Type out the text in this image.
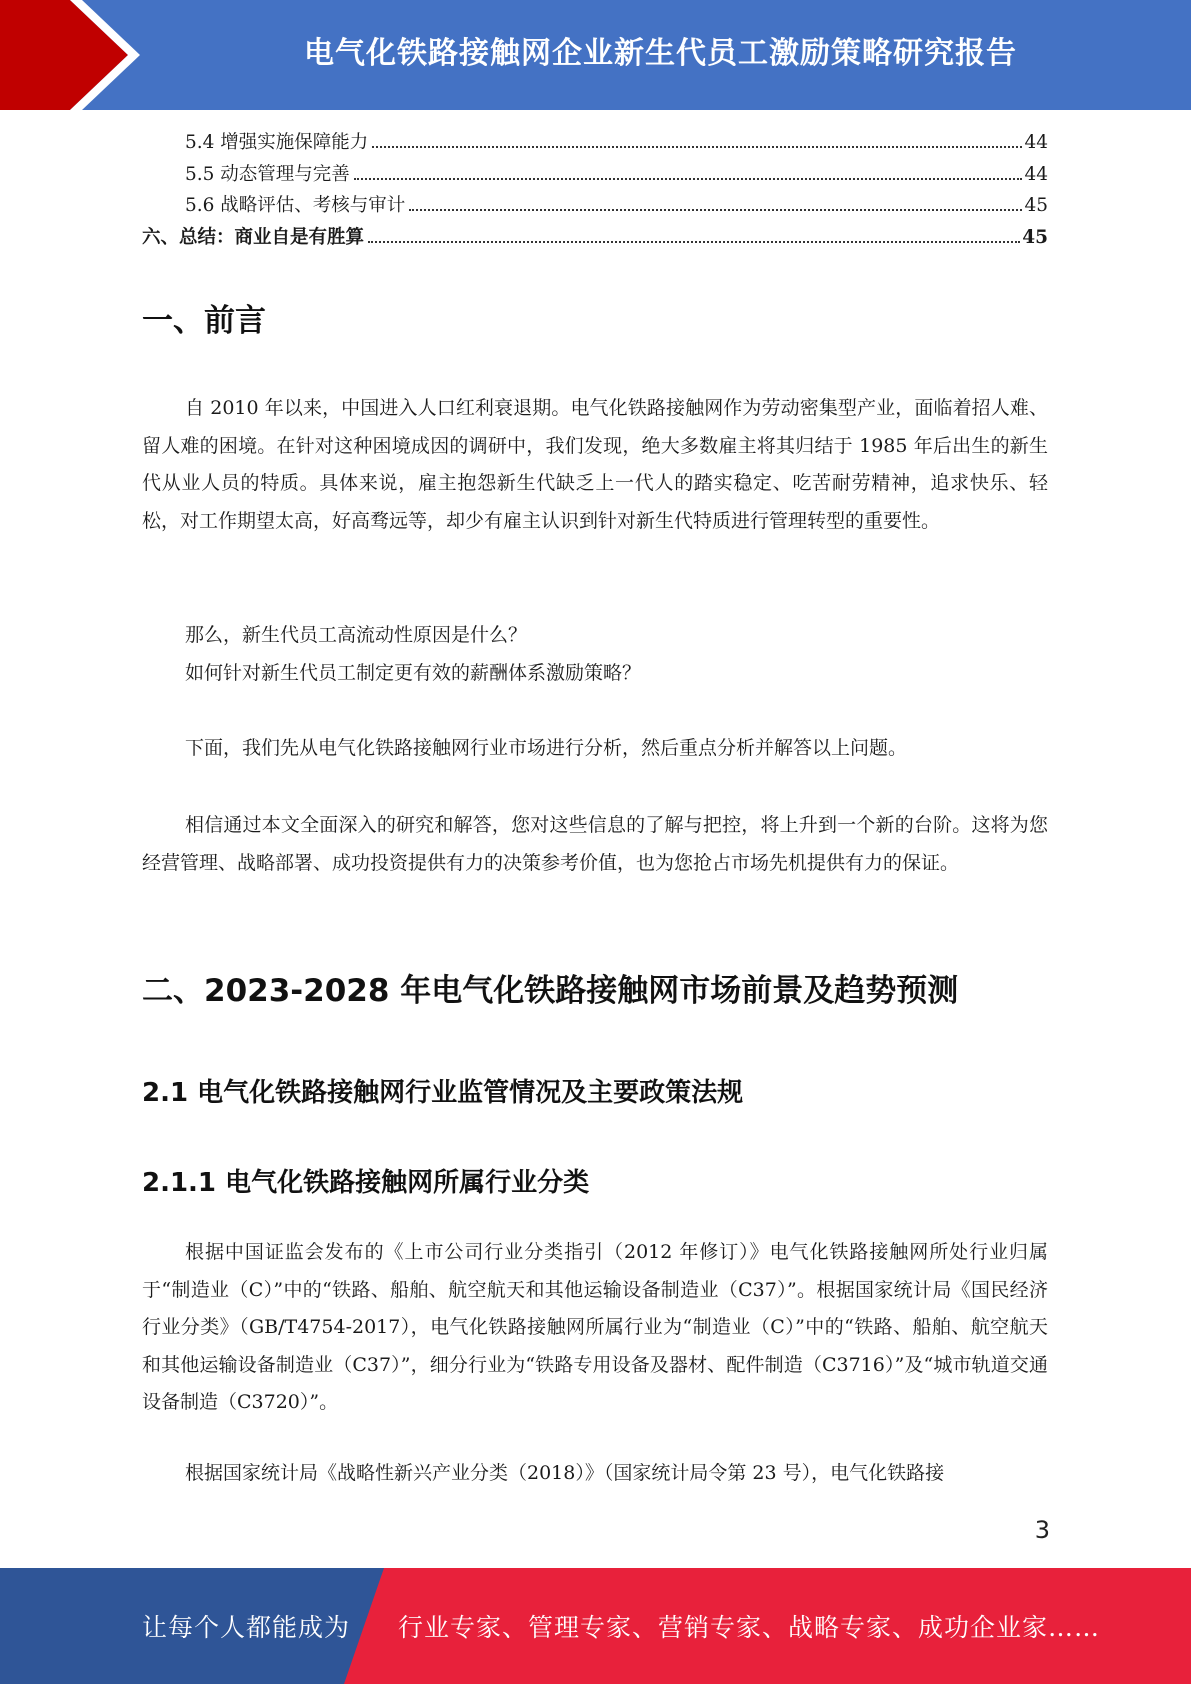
电气化铁路接触网企业新生代员工激励策略研究报告
5.4 增强实施保障能力	44
5.5 动态管理与完善	44
5.6 战略评估、考核与审计	45
六、总结：商业自是有胜算	45
一、前言

自 2010 年以来，中国进入人口红利衰退期。电气化铁路接触网作为劳动密集型产业，面临着招人难、留人难的困境。在针对这种困境成因的调研中，我们发现，绝大多数雇主将其归结于 1985 年后出生的新生代从业人员的特质。具体来说，雇主抱怨新生代缺乏上一代人的踏实稳定、吃苦耐劳精神，追求快乐、轻松，对工作期望太高，好高骛远等，却少有雇主认识到针对新生代特质进行管理转型的重要性。

那么，新生代员工高流动性原因是什么？

如何针对新生代员工制定更有效的薪酬体系激励策略？

下面，我们先从电气化铁路接触网行业市场进行分析，然后重点分析并解答以上问题。

相信通过本文全面深入的研究和解答，您对这些信息的了解与把控，将上升到一个新的台阶。这将为您经营管理、战略部署、成功投资提供有力的决策参考价值，也为您抢占市场先机提供有力的保证。

二、2023-2028 年电气化铁路接触网市场前景及趋势预测
2.1 电气化铁路接触网行业监管情况及主要政策法规
2.1.1 电气化铁路接触网所属行业分类

根据中国证监会发布的《上市公司行业分类指引（2012 年修订）》电气化铁路接触网所处行业归属于“制造业（C）”中的“铁路、船舶、航空航天和其他运输设备制造业（C37）”。根据国家统计局《国民经济行业分类》（GB/T4754-2017），电气化铁路接触网所属行业为“制造业（C）”中的“铁路、船舶、航空航天和其他运输设备制造业（C37）”，细分行业为“铁路专用设备及器材、配件制造（C3716）”及“城市轨道交通设备制造（C3720）”。

根据国家统计局《战略性新兴产业分类（2018）》（国家统计局令第 23 号），电气化铁路接

3
让每个人都能成为 行业专家、管理专家、营销专家、战略专家、成功企业家……
